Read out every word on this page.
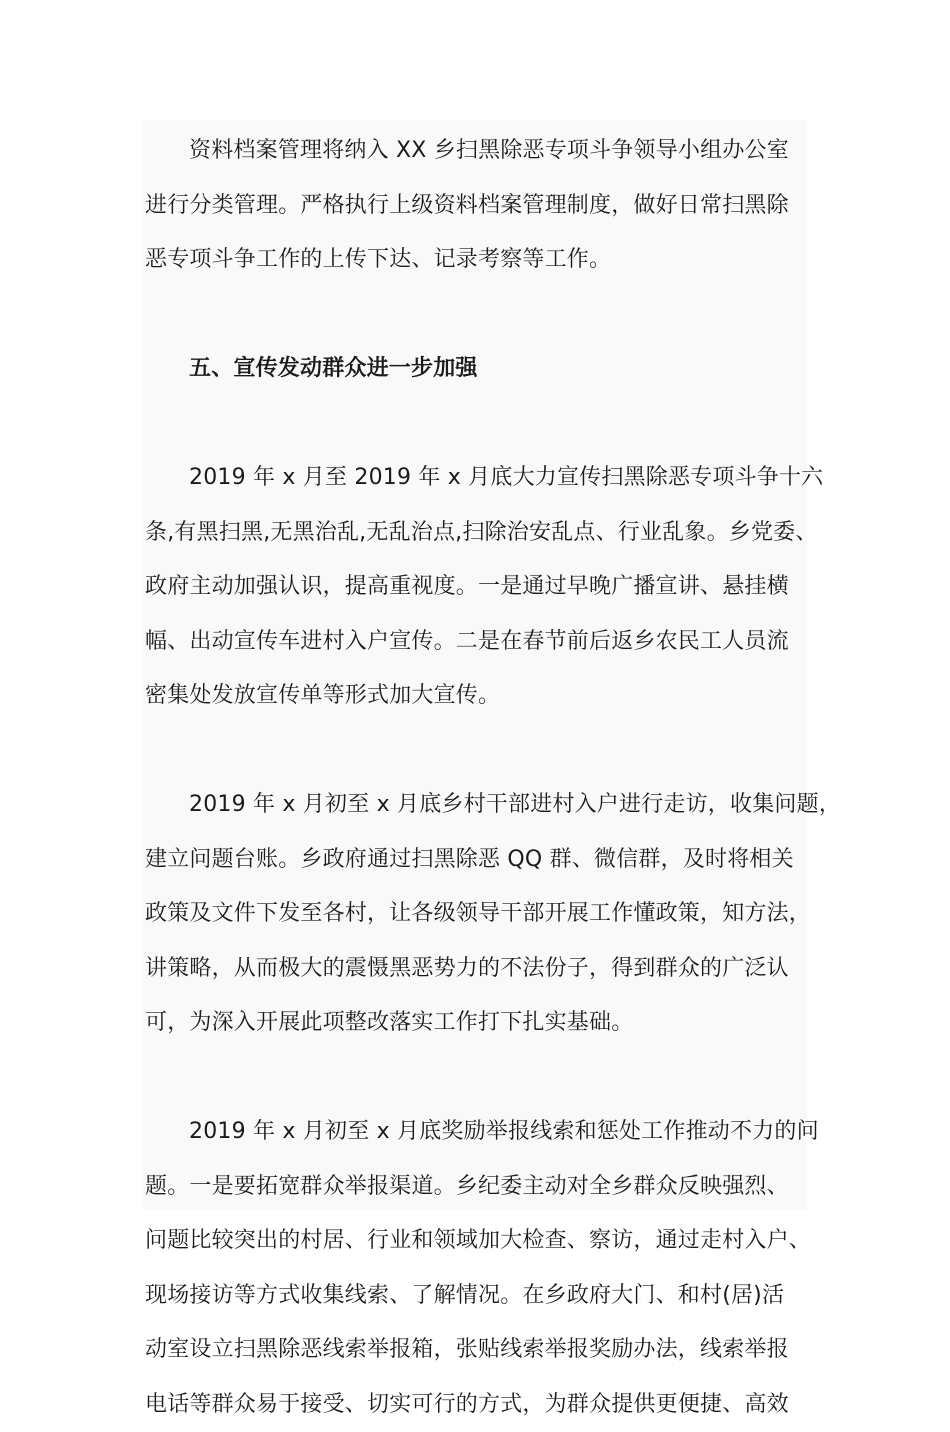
资料档案管理将纳入 XX 乡扫黑除恶专项斗争领导小组办公室
进行分类管理。严格执行上级资料档案管理制度，做好日常扫黑除
恶专项斗争工作的上传下达、记录考察等工作。
五、宣传发动群众进一步加强
2019 年 x 月至 2019 年 x 月底大力宣传扫黑除恶专项斗争十六
条,有黑扫黑,无黑治乱,无乱治点,扫除治安乱点、行业乱象。乡党委、
政府主动加强认识，提高重视度。一是通过早晚广播宣讲、悬挂横
幅、出动宣传车进村入户宣传。二是在春节前后返乡农民工人员流
密集处发放宣传单等形式加大宣传。
2019 年 x 月初至 x 月底乡村干部进村入户进行走访，收集问题，
建立问题台账。乡政府通过扫黑除恶 QQ 群、微信群，及时将相关
政策及文件下发至各村，让各级领导干部开展工作懂政策，知方法，
讲策略，从而极大的震慑黑恶势力的不法份子，得到群众的广泛认
可，为深入开展此项整改落实工作打下扎实基础。
2019 年 x 月初至 x 月底奖励举报线索和惩处工作推动不力的问
题。一是要拓宽群众举报渠道。乡纪委主动对全乡群众反映强烈、
问题比较突出的村居、行业和领域加大检查、察访，通过走村入户、
现场接访等方式收集线索、了解情况。在乡政府大门、和村(居)活
动室设立扫黑除恶线索举报箱，张贴线索举报奖励办法，线索举报
电话等群众易于接受、切实可行的方式，为群众提供更便捷、高效
